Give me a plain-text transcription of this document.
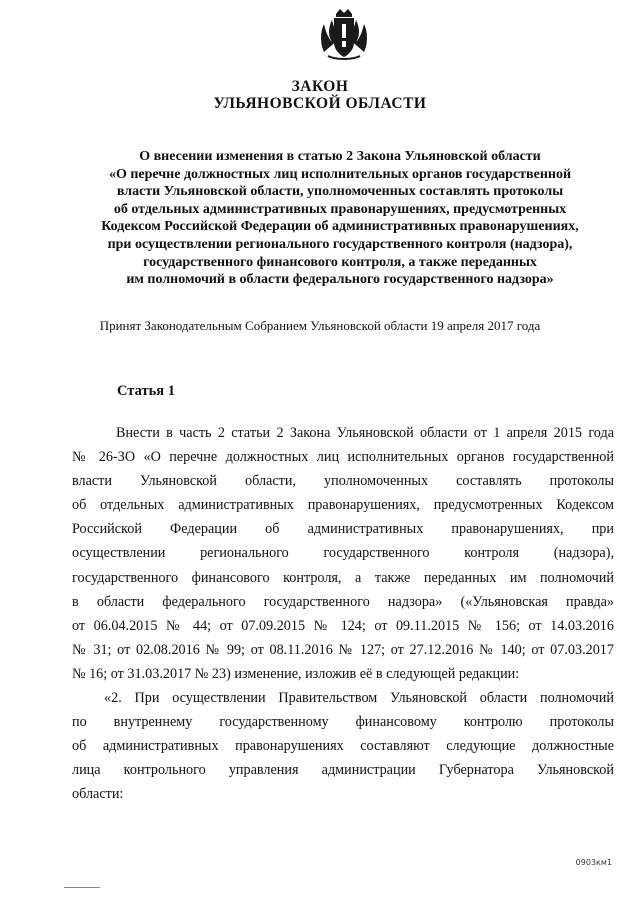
ЗАКОН
УЛЬЯНОВСКОЙ ОБЛАСТИ
О внесении изменения в статью 2 Закона Ульяновской области
«О перечне должностных лиц исполнительных органов государственной
власти Ульяновской области, уполномоченных составлять протоколы
об отдельных административных правонарушениях, предусмотренных
Кодексом Российской Федерации об административных правонарушениях,
при осуществлении регионального государственного контроля (надзора),
государственного финансового контроля, а также переданных
им полномочий в области федерального государственного надзора»
Принят Законодательным Собранием Ульяновской области 19 апреля 2017 года
Статья 1
Внести в часть 2 статьи 2 Закона Ульяновской области от 1 апреля 2015 года
№ 26-ЗО «О перечне должностных лиц исполнительных органов государственной
власти Ульяновской области, уполномоченных составлять протоколы
об отдельных административных правонарушениях, предусмотренных Кодексом
Российской Федерации об административных правонарушениях, при
осуществлении регионального государственного контроля (надзора),
государственного финансового контроля, а также переданных им полномочий
в области федерального государственного надзора» («Ульяновская правда»
от 06.04.2015 № 44; от 07.09.2015 № 124; от 09.11.2015 № 156; от 14.03.2016
№ 31; от 02.08.2016 № 99; от 08.11.2016 № 127; от 27.12.2016 № 140; от 07.03.2017
№ 16; от 31.03.2017 № 23) изменение, изложив её в следующей редакции:
«2. При осуществлении Правительством Ульяновской области полномочий
по внутреннему государственному финансовому контролю протоколы
об административных правонарушениях составляют следующие должностные
лица контрольного управления администрации Губернатора Ульяновской
области:
0903км1
